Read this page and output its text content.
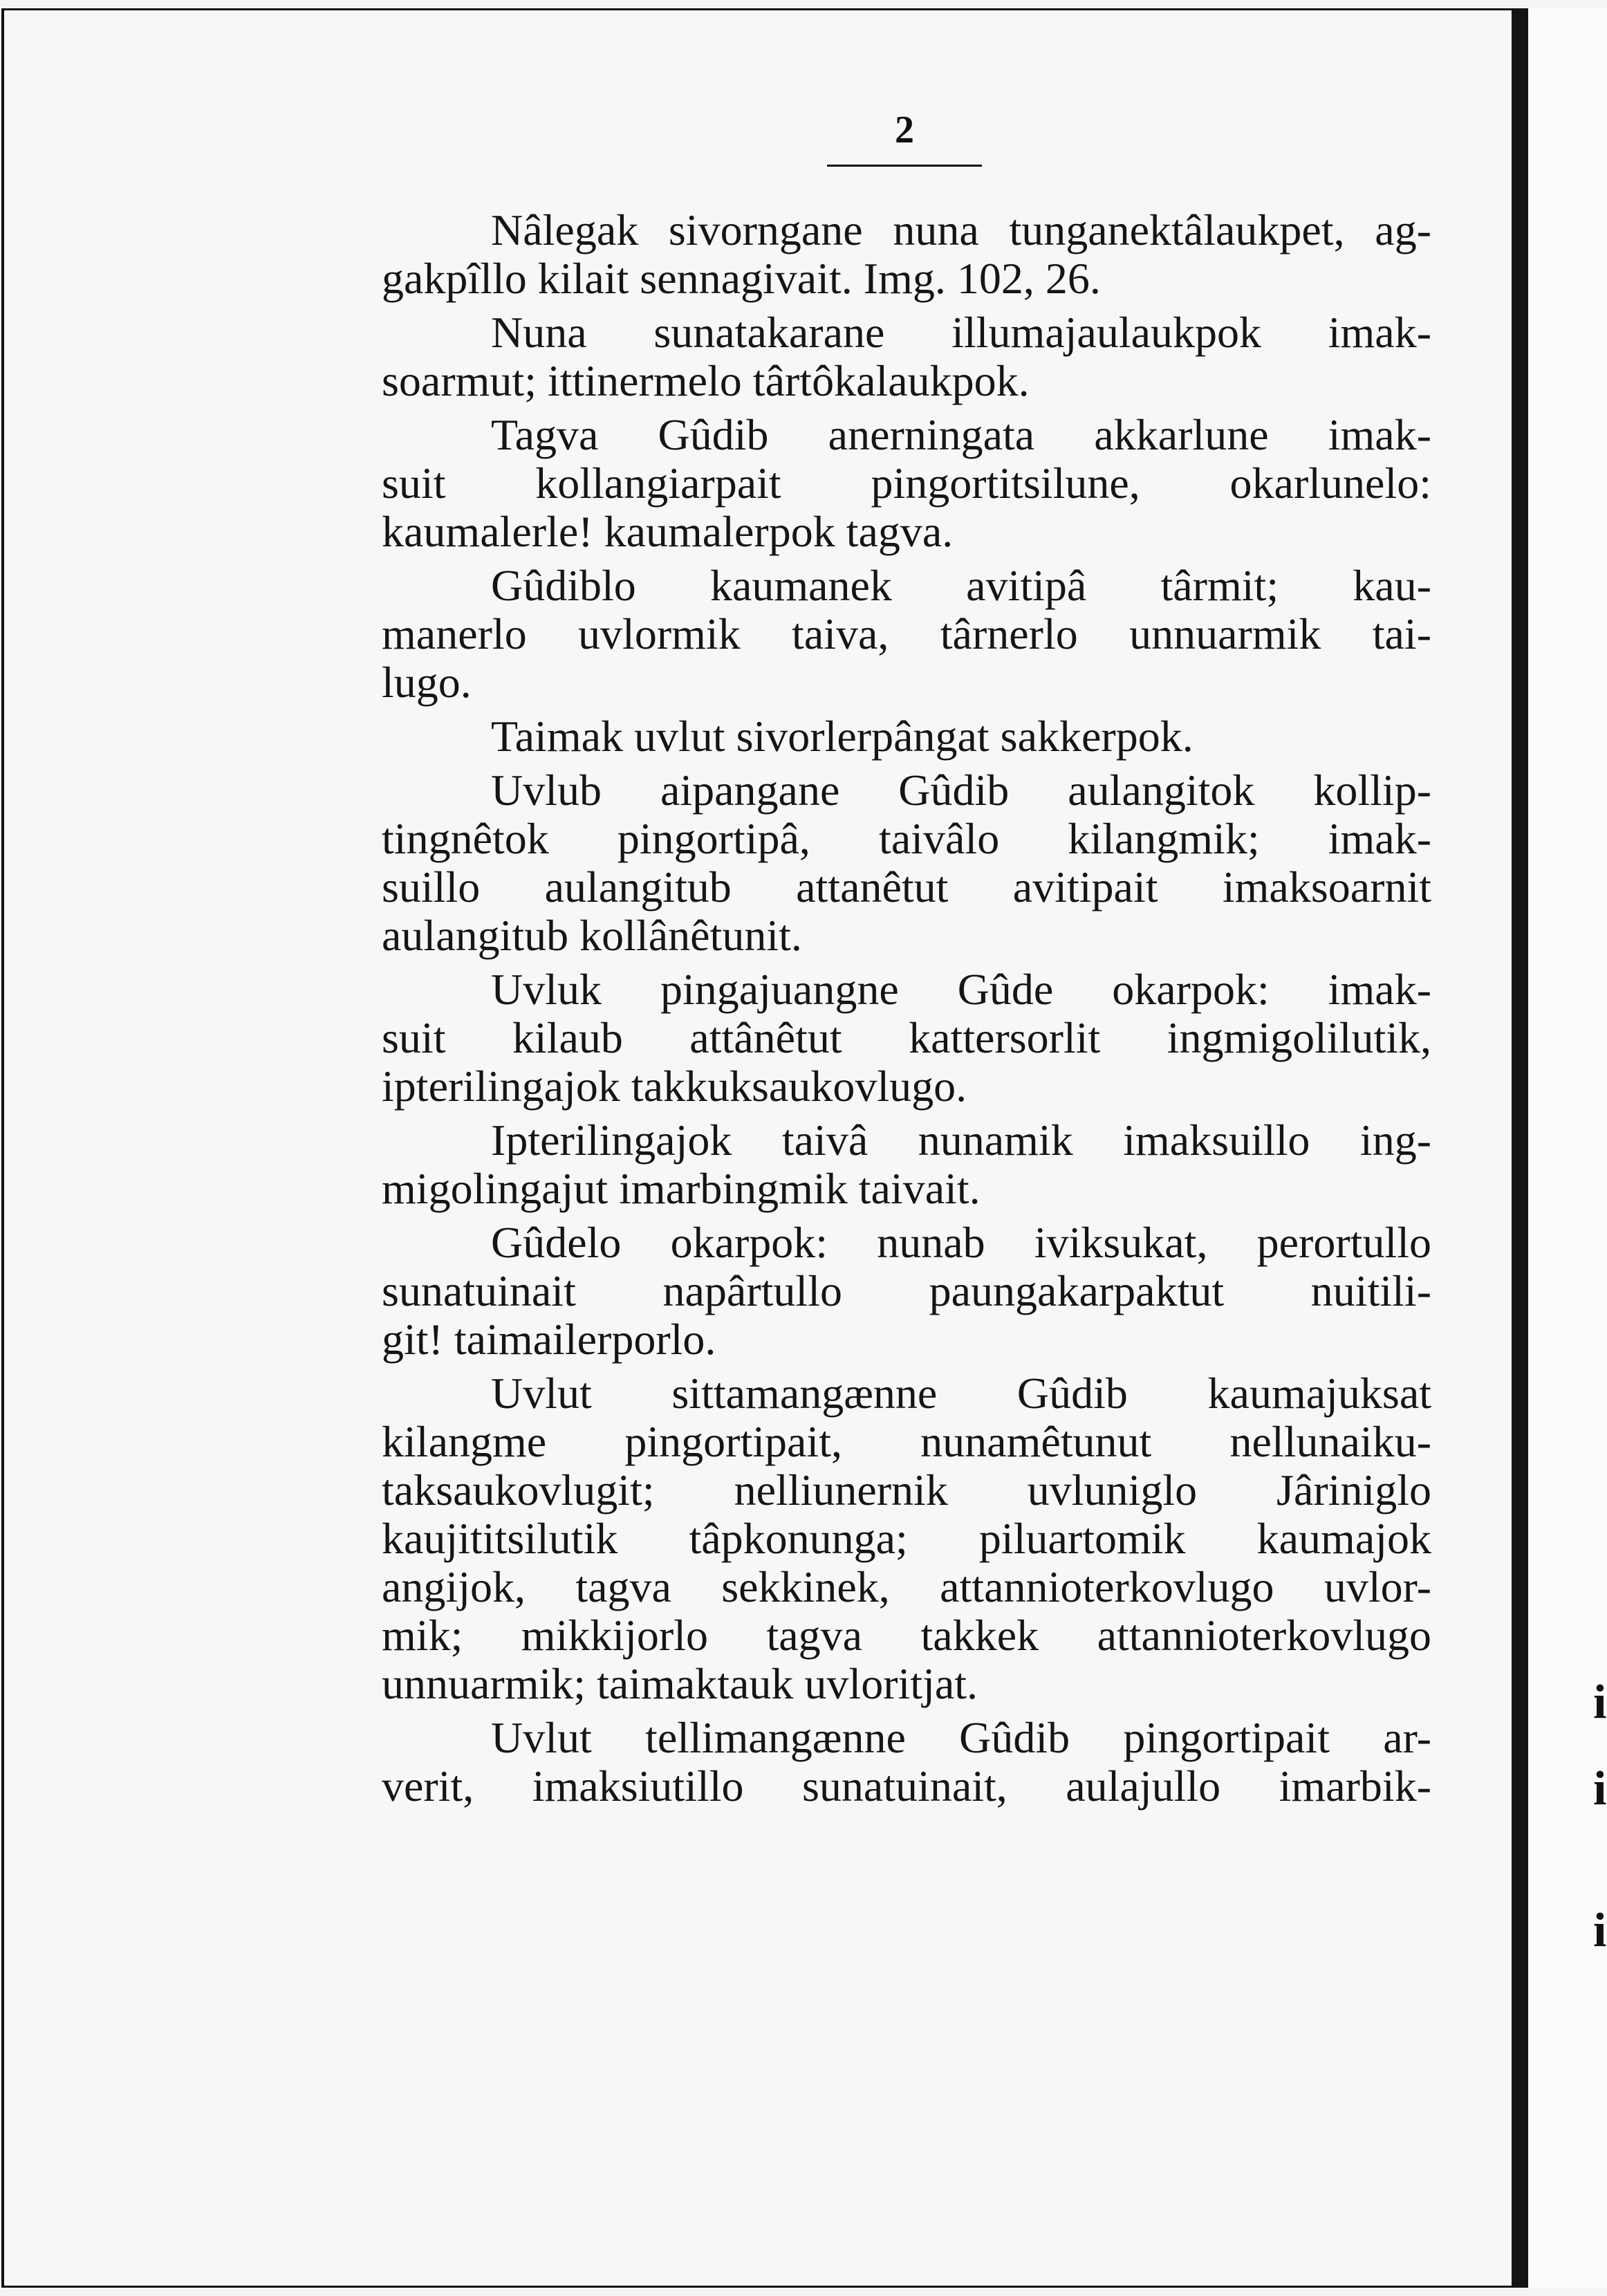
i
i
i
2
Nâlegak sivorngane nuna tunganektâlaukpet, ag-
gakpîllo kilait sennagivait. Img. 102, 26.
Nuna sunatakarane illumajaulaukpok imak-
soarmut; ittinermelo târtôkalaukpok.
Tagva Gûdib anerningata akkarlune imak-
suit kollangiarpait pingortitsilune, okarlunelo:
kaumalerle! kaumalerpok tagva.
Gûdiblo kaumanek avitipâ târmit; kau-
manerlo uvlormik taiva, târnerlo unnuarmik tai-
lugo.
Taimak uvlut sivorlerpângat sakkerpok.
Uvlub aipangane Gûdib aulangitok kollip-
tingnêtok pingortipâ, taivâlo kilangmik; imak-
suillo aulangitub attanêtut avitipait imaksoarnit
aulangitub kollânêtunit.
Uvluk pingajuangne Gûde okarpok: imak-
suit kilaub attânêtut kattersorlit ingmigolilutik,
ipterilingajok takkuksaukovlugo.
Ipterilingajok taivâ nunamik imaksuillo ing-
migolingajut imarbingmik taivait.
Gûdelo okarpok: nunab iviksukat, perortullo
sunatuinait napârtullo paungakarpaktut nuitili-
git! taimailerporlo.
Uvlut sittamangænne Gûdib kaumajuksat
kilangme pingortipait, nunamêtunut nellunaiku-
taksaukovlugit; nelliunernik uvluniglo Jâriniglo
kaujititsilutik tâpkonunga; piluartomik kaumajok
angijok, tagva sekkinek, attannioterkovlugo uvlor-
mik; mikkijorlo tagva takkek attannioterkovlugo
unnuarmik; taimaktauk uvloritjat.
Uvlut tellimangænne Gûdib pingortipait ar-
verit, imaksiutillo sunatuinait, aulajullo imarbik-
